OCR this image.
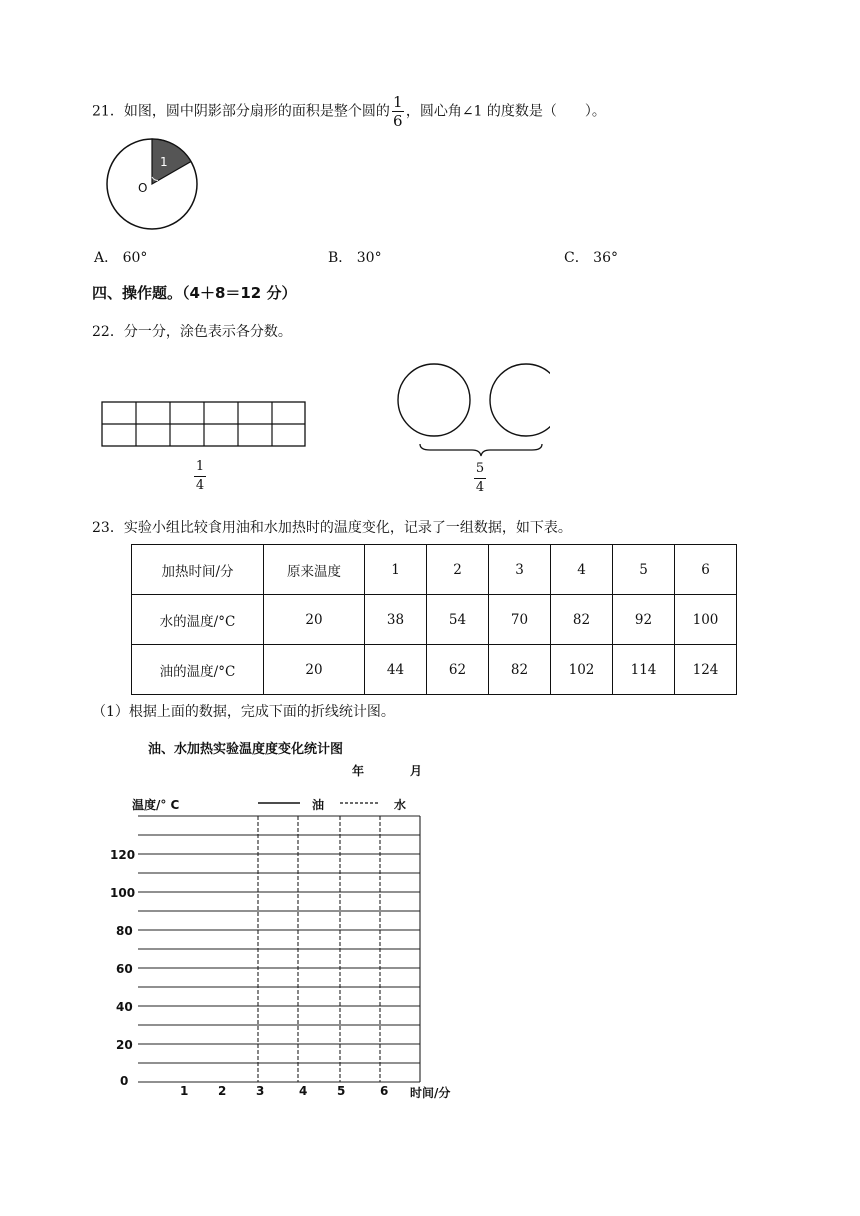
21．如图，圆中阴影部分扇形的面积是整个圆的 $\frac{1}{6}$ ，圆心角∠1 的度数是（　　）。
1
O
A． 60°	B． 30°	C． 36°
四、操作题。（4＋8＝12 分）
22．分一分，涂色表示各分数。
$\frac{1}{4}$	$\frac{5}{4}$
23．实验小组比较食用油和水加热时的温度变化，记录了一组数据，如下表。
加热时间/分	原来温度	1	2	3	4	5	6
水的温度/°C	20	38	54	70	82	92	100
油的温度/°C	20	44	62	82	102	114	124
（1）根据上面的数据，完成下面的折线统计图。
油、水加热实验温度度变化统计图
年	月
温度/° C	油	水
120
100
80
60
40
20
0
1 2 3	4 5	6 时间/分
